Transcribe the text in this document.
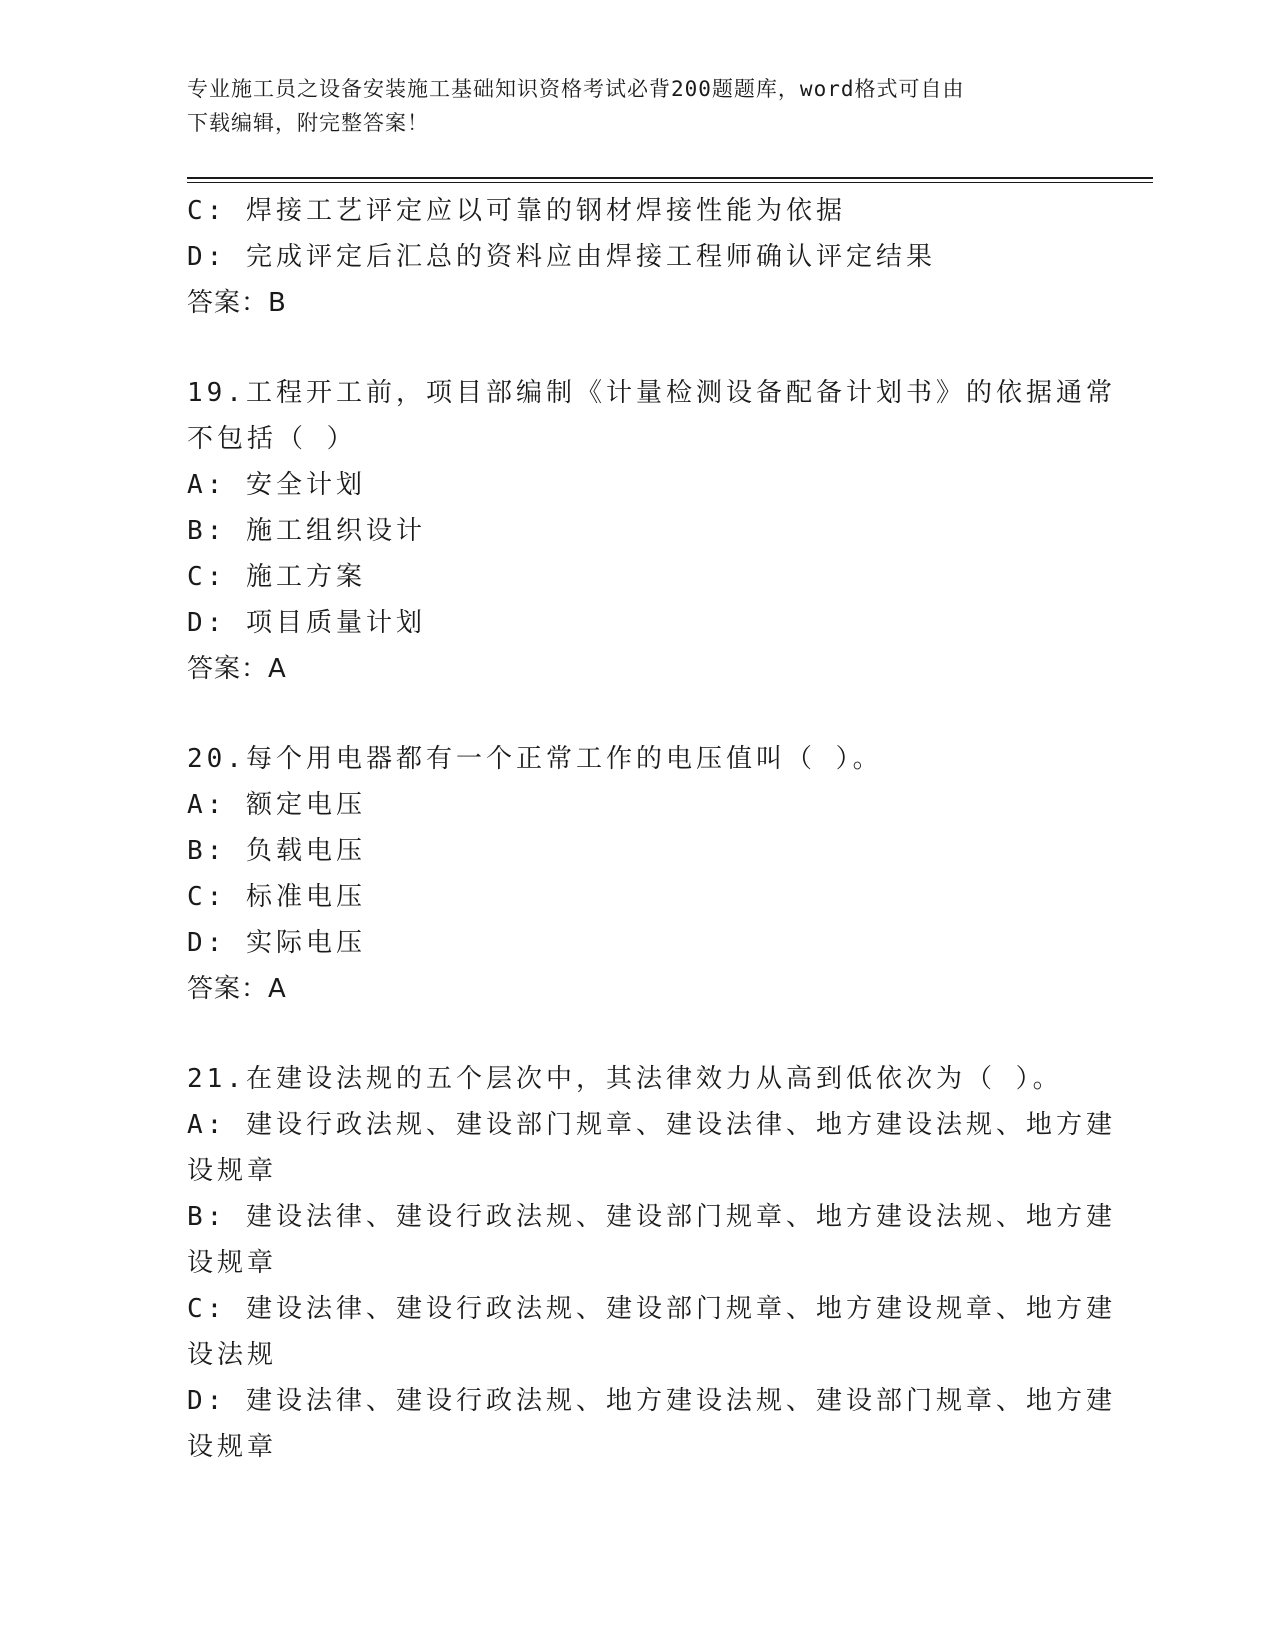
专业施工员之设备安装施工基础知识资格考试必背200题题库，word格式可自由
下载编辑，附完整答案！
C: 焊接工艺评定应以可靠的钢材焊接性能为依据
D: 完成评定后汇总的资料应由焊接工程师确认评定结果
答案：B
19.工程开工前，项目部编制《计量检测设备配备计划书》的依据通常
不包括（ ）
A: 安全计划
B: 施工组织设计
C: 施工方案
D: 项目质量计划
答案：A
20.每个用电器都有一个正常工作的电压值叫（ ）。
A: 额定电压
B: 负载电压
C: 标准电压
D: 实际电压
答案：A
21.在建设法规的五个层次中，其法律效力从高到低依次为（ ）。
A: 建设行政法规、建设部门规章、建设法律、地方建设法规、地方建
设规章
B: 建设法律、建设行政法规、建设部门规章、地方建设法规、地方建
设规章
C: 建设法律、建设行政法规、建设部门规章、地方建设规章、地方建
设法规
D: 建设法律、建设行政法规、地方建设法规、建设部门规章、地方建
设规章
